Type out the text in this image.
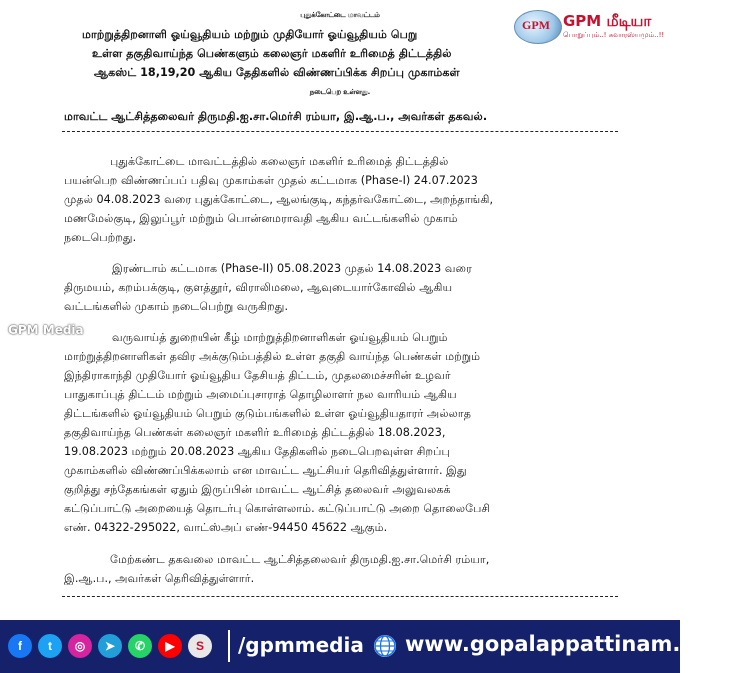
புதுக்கோட்டை மாவட்டம்
GPM GPM மீடியா
பொறுப்பும்..! சுவாரஸ்யமும்..!!
மாற்றுத்திறனாளி ஓய்வூதியம் மற்றும் முதியோர் ஓய்வூதியம் பெறு
உள்ள தகுதிவாய்ந்த பெண்களும் கலைஞர் மகளிர் உரிமைத் திட்டத்தில்
ஆகஸ்ட் 18,19,20 ஆகிய தேதிகளில் விண்ணப்பிக்க சிறப்பு முகாம்கள்
நடைபெற உள்ளது.
மாவட்ட ஆட்சித்தலைவர் திருமதி.ஐ.சா.மெர்சி ரம்யா, இ.ஆ.ப., அவர்கள் தகவல்.
புதுக்கோட்டை மாவட்டத்தில் கலைஞர் மகளிர் உரிமைத் திட்டத்தில்
பயன்பெற விண்ணப்பப் பதிவு முகாம்கள் முதல் கட்டமாக (Phase-I) 24.07.2023
முதல் 04.08.2023 வரை புதுக்கோட்டை, ஆலங்குடி, கந்தர்வகோட்டை, அறந்தாங்கி,
மணமேல்குடி, இலுப்பூர் மற்றும் பொன்னமராவதி ஆகிய வட்டங்களில் முகாம்
நடைபெற்றது.
இரண்டாம் கட்டமாக (Phase-II) 05.08.2023 முதல் 14.08.2023 வரை
திருமயம், கறம்பக்குடி, குளத்தூர், விராலிமலை, ஆவுடையார்கோவில் ஆகிய
வட்டங்களில் முகாம் நடைபெற்று வருகிறது.
GPM Media
வருவாய்த் துறையின் கீழ் மாற்றுத்திறனாளிகள் ஓய்வூதியம் பெறும்
மாற்றுத்திறனாளிகள் தவிர அக்குடும்பத்தில் உள்ள தகுதி வாய்ந்த பெண்கள் மற்றும்
இந்திராகாந்தி முதியோர் ஓய்வூதிய தேசியத் திட்டம், முதலமைச்சரின் உழவர்
பாதுகாப்புத் திட்டம் மற்றும் அமைப்புசாராத் தொழிலாளர் நல வாரியம் ஆகிய
திட்டங்களில் ஓய்வூதியம் பெறும் குடும்பங்களில் உள்ள ஓய்வூதியதாரர் அல்லாத
தகுதிவாய்ந்த பெண்கள் கலைஞர் மகளிர் உரிமைத் திட்டத்தில் 18.08.2023,
19.08.2023 மற்றும் 20.08.2023 ஆகிய தேதிகளில் நடைபெறவுள்ள சிறப்பு
முகாம்களில் விண்ணப்பிக்கலாம் என மாவட்ட ஆட்சியர் தெரிவித்துள்ளார். இது
குறித்து சந்தேகங்கள் ஏதும் இருப்பின் மாவட்ட ஆட்சித் தலைவர் அலுவலகக்
கட்டுப்பாட்டு அறையைத் தொடர்பு கொள்ளலாம். கட்டுப்பாட்டு அறை தொலைபேசி
எண். 04322-295022, வாட்ஸ்அப் எண்-94450 45622 ஆகும்.
மேற்கண்ட தகவலை மாவட்ட ஆட்சித்தலைவர் திருமதி.ஐ.சா.மெர்சி ரம்யா,
இ.ஆ.ப., அவர்கள் தெரிவித்துள்ளார்.
f	t	◎	➤	✆	▶	S	/gpmmedia www.gopalappattinam.com
